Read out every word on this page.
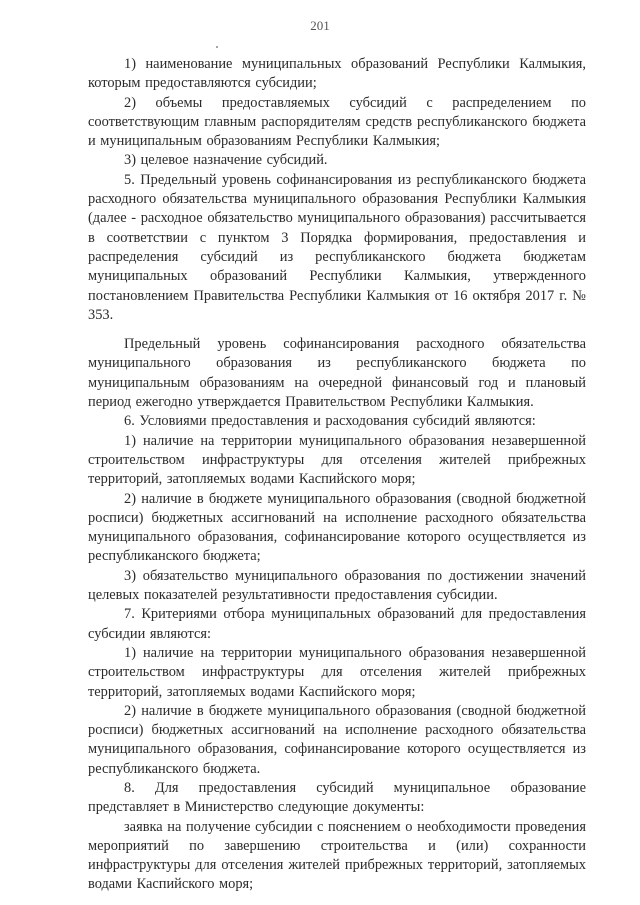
201

1) наименование муниципальных образований Республики Калмыкия, которым предоставляются субсидии;

2) объемы предоставляемых субсидий с распределением по соответствующим главным распорядителям средств республиканского бюджета и муниципальным образованиям Республики Калмыкия;

3) целевое назначение субсидий.

5. Предельный уровень софинансирования из республиканского бюджета расходного обязательства муниципального образования Республики Калмыкия (далее - расходное обязательство муниципального образования) рассчитывается в соответствии с пунктом 3 Порядка формирования, предоставления и распределения субсидий из республиканского бюджета бюджетам муниципальных образований Республики Калмыкия, утвержденного постановлением Правительства Республики Калмыкия от 16 октября 2017 г. № 353.

Предельный уровень софинансирования расходного обязательства муниципального образования из республиканского бюджета по муниципальным образованиям на очередной финансовый год и плановый период ежегодно утверждается Правительством Республики Калмыкия.

6. Условиями предоставления и расходования субсидий являются:

1) наличие на территории муниципального образования незавершенной строительством инфраструктуры для отселения жителей прибрежных территорий, затопляемых водами Каспийского моря;

2) наличие в бюджете муниципального образования (сводной бюджетной росписи) бюджетных ассигнований на исполнение расходного обязательства муниципального образования, софинансирование которого осуществляется из республиканского бюджета;

3) обязательство муниципального образования по достижении значений целевых показателей результативности предоставления субсидии.

7. Критериями отбора муниципальных образований для предоставления субсидии являются:

1) наличие на территории муниципального образования незавершенной строительством инфраструктуры для отселения жителей прибрежных территорий, затопляемых водами Каспийского моря;

2) наличие в бюджете муниципального образования (сводной бюджетной росписи) бюджетных ассигнований на исполнение расходного обязательства муниципального образования, софинансирование которого осуществляется из республиканского бюджета.

8. Для предоставления субсидий муниципальное образование представляет в Министерство следующие документы:

заявка на получение субсидии с пояснением о необходимости проведения мероприятий по завершению строительства и (или) сохранности инфраструктуры для отселения жителей прибрежных территорий, затопляемых водами Каспийского моря;
